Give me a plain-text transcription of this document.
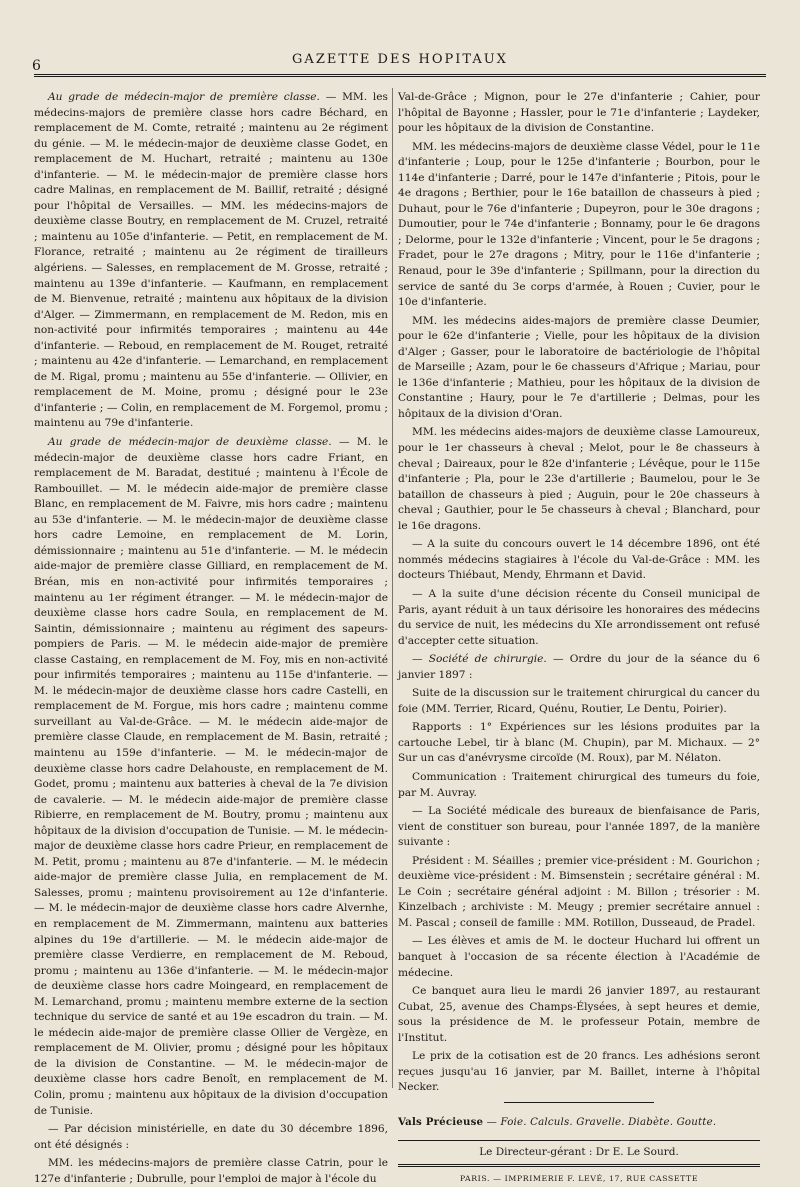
6	GAZETTE DES HOPITAUX

Au grade de médecin-major de première classe. — MM. les médecins-majors de première classe hors cadre Béchard, en remplacement de M. Comte, retraité ; maintenu au 2e régiment du génie. — M. le médecin-major de deuxième classe Godet, en remplacement de M. Huchart, retraité ; maintenu au 130e d'infanterie. — M. le médecin-major de première classe hors cadre Malinas, en remplacement de M. Baillif, retraité ; désigné pour l'hôpital de Versailles. — MM. les médecins-majors de deuxième classe Boutry, en remplacement de M. Cruzel, retraité ; maintenu au 105e d'infanterie. — Petit, en remplacement de M. Florance, retraité ; maintenu au 2e régiment de tirailleurs algériens. — Salesses, en remplacement de M. Grosse, retraité ; maintenu au 139e d'infanterie. — Kaufmann, en remplacement de M. Bienvenue, retraité ; maintenu aux hôpitaux de la division d'Alger. — Zimmermann, en remplacement de M. Redon, mis en non-activité pour infirmités temporaires ; maintenu au 44e d'infanterie. — Reboud, en remplacement de M. Rouget, retraité ; maintenu au 42e d'infanterie. — Lemarchand, en remplacement de M. Rigal, promu ; maintenu au 55e d'infanterie. — Ollivier, en remplacement de M. Moine, promu ; désigné pour le 23e d'infanterie ; — Colin, en remplacement de M. Forgemol, promu ; maintenu au 79e d'infanterie.

Au grade de médecin-major de deuxième classe. — M. le médecin-major de deuxième classe hors cadre Friant, en remplacement de M. Baradat, destitué ; maintenu à l'École de Rambouillet. — M. le médecin aide-major de première classe Blanc, en remplacement de M. Faivre, mis hors cadre ; maintenu au 53e d'infanterie. — M. le médecin-major de deuxième classe hors cadre Lemoine, en remplacement de M. Lorin, démissionnaire ; maintenu au 51e d'infanterie. — M. le médecin aide-major de première classe Gilliard, en remplacement de M. Bréan, mis en non-activité pour infirmités temporaires ; maintenu au 1er régiment étranger. — M. le médecin-major de deuxième classe hors cadre Soula, en remplacement de M. Saintin, démissionnaire ; maintenu au régiment des sapeurs-pompiers de Paris. — M. le médecin aide-major de première classe Castaing, en remplacement de M. Foy, mis en non-activité pour infirmités temporaires ; maintenu au 115e d'infanterie. — M. le médecin-major de deuxième classe hors cadre Castelli, en remplacement de M. Forgue, mis hors cadre ; maintenu comme surveillant au Val-de-Grâce. — M. le médecin aide-major de première classe Claude, en remplacement de M. Basin, retraité ; maintenu au 159e d'infanterie. — M. le médecin-major de deuxième classe hors cadre Delahouste, en remplacement de M. Godet, promu ; maintenu aux batteries à cheval de la 7e division de cavalerie. — M. le médecin aide-major de première classe Ribierre, en remplacement de M. Boutry, promu ; maintenu aux hôpitaux de la division d'occupation de Tunisie. — M. le médecin-major de deuxième classe hors cadre Prieur, en remplacement de M. Petit, promu ; maintenu au 87e d'infanterie. — M. le médecin aide-major de première classe Julia, en remplacement de M. Salesses, promu ; maintenu provisoirement au 12e d'infanterie. — M. le médecin-major de deuxième classe hors cadre Alvernhe, en remplacement de M. Zimmermann, maintenu aux batteries alpines du 19e d'artillerie. — M. le médecin aide-major de première classe Verdierre, en remplacement de M. Reboud, promu ; maintenu au 136e d'infanterie. — M. le médecin-major de deuxième classe hors cadre Moingeard, en remplacement de M. Lemarchand, promu ; maintenu membre externe de la section technique du service de santé et au 19e escadron du train. — M. le médecin aide-major de première classe Ollier de Vergèze, en remplacement de M. Olivier, promu ; désigné pour les hôpitaux de la division de Constantine. — M. le médecin-major de deuxième classe hors cadre Benoît, en remplacement de M. Colin, promu ; maintenu aux hôpitaux de la division d'occupation de Tunisie.

— Par décision ministérielle, en date du 30 décembre 1896, ont été désignés :

MM. les médecins-majors de première classe Catrin, pour le 127e d'infanterie ; Dubrulle, pour l'emploi de major à l'école du

Val-de-Grâce ; Mignon, pour le 27e d'infanterie ; Cahier, pour l'hôpital de Bayonne ; Hassler, pour le 71e d'infanterie ; Laydeker, pour les hôpitaux de la division de Constantine.

MM. les médecins-majors de deuxième classe Védel, pour le 11e d'infanterie ; Loup, pour le 125e d'infanterie ; Bourbon, pour le 114e d'infanterie ; Darré, pour le 147e d'infanterie ; Pitois, pour le 4e dragons ; Berthier, pour le 16e bataillon de chasseurs à pied ; Duhaut, pour le 76e d'infanterie ; Dupeyron, pour le 30e dragons ; Dumoutier, pour le 74e d'infanterie ; Bonnamy, pour le 6e dragons ; Delorme, pour le 132e d'infanterie ; Vincent, pour le 5e dragons ; Fradet, pour le 27e dragons ; Mitry, pour le 116e d'infanterie ; Renaud, pour le 39e d'infanterie ; Spillmann, pour la direction du service de santé du 3e corps d'armée, à Rouen ; Cuvier, pour le 10e d'infanterie.

MM. les médecins aides-majors de première classe Deumier, pour le 62e d'infanterie ; Vielle, pour les hôpitaux de la division d'Alger ; Gasser, pour le laboratoire de bactériologie de l'hôpital de Marseille ; Azam, pour le 6e chasseurs d'Afrique ; Mariau, pour le 136e d'infanterie ; Mathieu, pour les hôpitaux de la division de Constantine ; Haury, pour le 7e d'artillerie ; Delmas, pour les hôpitaux de la division d'Oran.

MM. les médecins aides-majors de deuxième classe Lamoureux, pour le 1er chasseurs à cheval ; Melot, pour le 8e chasseurs à cheval ; Daireaux, pour le 82e d'infanterie ; Lévêque, pour le 115e d'infanterie ; Pla, pour le 23e d'artillerie ; Baumelou, pour le 3e bataillon de chasseurs à pied ; Auguin, pour le 20e chasseurs à cheval ; Gauthier, pour le 5e chasseurs à cheval ; Blanchard, pour le 16e dragons.

— A la suite du concours ouvert le 14 décembre 1896, ont été nommés médecins stagiaires à l'école du Val-de-Grâce : MM. les docteurs Thiébaut, Mendy, Ehrmann et David.

— A la suite d'une décision récente du Conseil municipal de Paris, ayant réduit à un taux dérisoire les honoraires des médecins du service de nuit, les médecins du XIe arrondissement ont refusé d'accepter cette situation.

— Société de chirurgie. — Ordre du jour de la séance du 6 janvier 1897 :

Suite de la discussion sur le traitement chirurgical du cancer du foie (MM. Terrier, Ricard, Quénu, Routier, Le Dentu, Poirier).

Rapports : 1° Expériences sur les lésions produites par la cartouche Lebel, tir à blanc (M. Chupin), par M. Michaux. — 2° Sur un cas d'anévrysme circoïde (M. Roux), par M. Nélaton.

Communication : Traitement chirurgical des tumeurs du foie, par M. Auvray.

— La Société médicale des bureaux de bienfaisance de Paris, vient de constituer son bureau, pour l'année 1897, de la manière suivante :

Président : M. Séailles ; premier vice-président : M. Gourichon ; deuxième vice-président : M. Bimsenstein ; secrétaire général : M. Le Coin ; secrétaire général adjoint : M. Billon ; trésorier : M. Kinzelbach ; archiviste : M. Meugy ; premier secrétaire annuel : M. Pascal ; conseil de famille : MM. Rotillon, Dusseaud, de Pradel.

— Les élèves et amis de M. le docteur Huchard lui offrent un banquet à l'occasion de sa récente élection à l'Académie de médecine.

Ce banquet aura lieu le mardi 26 janvier 1897, au restaurant Cubat, 25, avenue des Champs-Élysées, à sept heures et demie, sous la présidence de M. le professeur Potain, membre de l'Institut.

Le prix de la cotisation est de 20 francs. Les adhésions seront reçues jusqu'au 16 janvier, par M. Baillet, interne à l'hôpital Necker.

Vals Précieuse — Foie. Calculs. Gravelle. Diabète. Goutte.
Le Directeur-gérant : Dr E. Le Sourd.
PARIS. — IMPRIMERIE F. LEVÉ, 17, RUE CASSETTE
